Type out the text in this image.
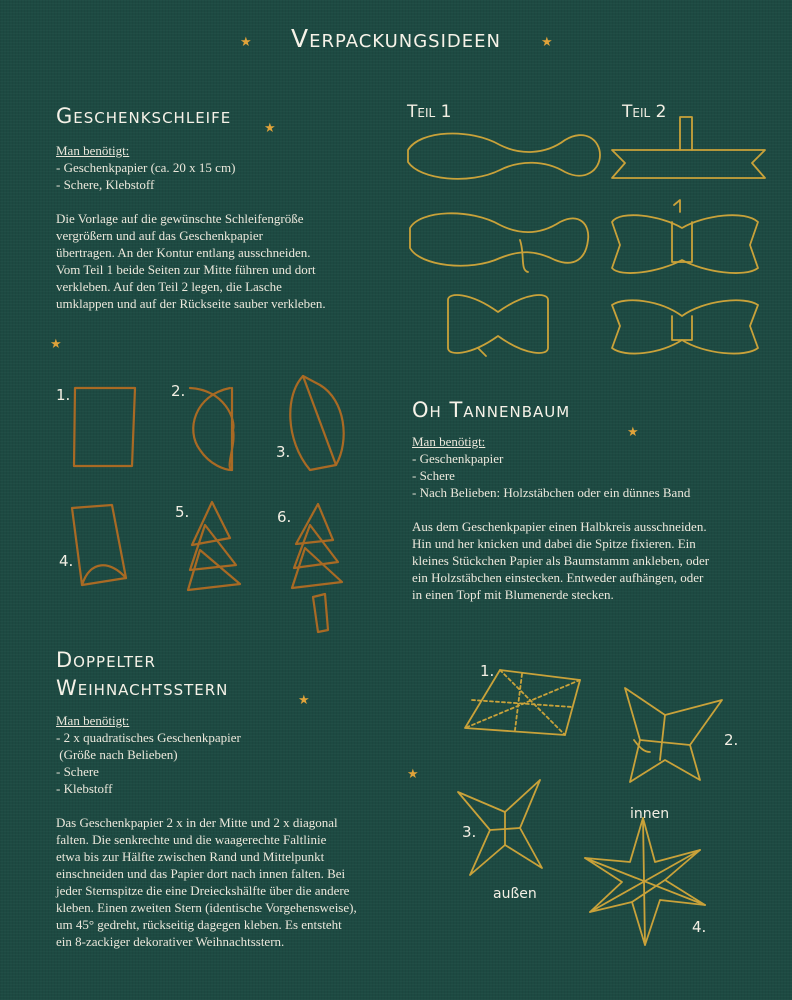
★	★
★
★
★
★
★
Verpackungsideen
Geschenkschleife
Man benötigt:
- Geschenkpapier (ca. 20 x 15 cm)
- Schere, Klebstoff
Die Vorlage auf die gewünschte Schleifengröße
vergrößern und auf das Geschenkpapier
übertragen. An der Kontur entlang ausschneiden.
Vom Teil 1 beide Seiten zur Mitte führen und dort
verkleben. Auf den Teil 2 legen, die Lasche
umklappen und auf der Rückseite sauber verkleben.
Teil 1	Teil 2
Oh Tannenbaum
Man benötigt:
- Geschenkpapier
- Schere
- Nach Belieben: Holzstäbchen oder ein dünnes Band
Aus dem Geschenkpapier einen Halbkreis ausschneiden.
Hin und her knicken und dabei die Spitze fixieren. Ein
kleines Stückchen Papier als Baumstamm ankleben, oder
ein Holzstäbchen einstecken. Entweder aufhängen, oder
in einen Topf mit Blumenerde stecken.
1.	2.
3.
4.
5.	6.
Doppelter
Weihnachtsstern
Man benötigt:
- 2 x quadratisches Geschenkpapier
(Größe nach Belieben)
- Schere
- Klebstoff
Das Geschenkpapier 2 x in der Mitte und 2 x diagonal
falten. Die senkrechte und die waagerechte Faltlinie
etwa bis zur Hälfte zwischen Rand und Mittelpunkt
einschneiden und das Papier dort nach innen falten. Bei
jeder Sternspitze die eine Dreieckshälfte über die andere
kleben. Einen zweiten Stern (identische Vorgehensweise),
um 45° gedreht, rückseitig dagegen kleben. Es entsteht
ein 8-zackiger dekorativer Weihnachtsstern.
1.
2.
3.
4.
innen
außen
